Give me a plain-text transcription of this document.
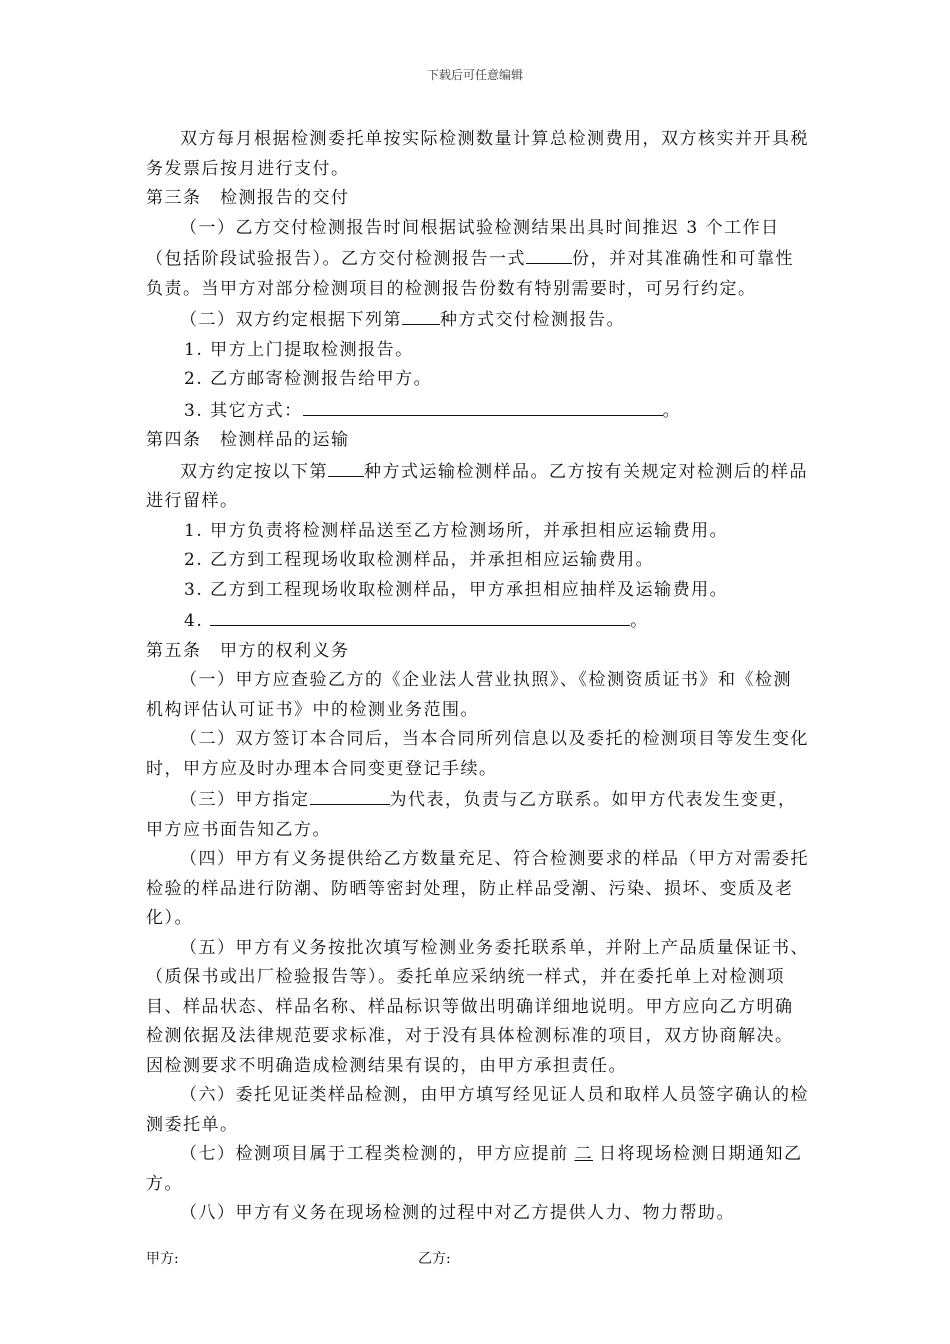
下载后可任意编辑

双方每月根据检测委托单按实际检测数量计算总检测费用，双方核实并开具税务发票后按月进行支付。

第三条　检测报告的交付

（一）乙方交付检测报告时间根据试验检测结果出具时间推迟 3 个工作日（包括阶段试验报告）。乙方交付检测报告一式	份，并对其准确性和可靠性负责。当甲方对部分检测项目的检测报告份数有特别需要时，可另行约定。

（二）双方约定根据下列第 种方式交付检测报告。

1. 甲方上门提取检测报告。

2. 乙方邮寄检测报告给甲方。

3. 其它方式：	。

第四条　检测样品的运输

双方约定按以下第 种方式运输检测样品。乙方按有关规定对检测后的样品进行留样。

1. 甲方负责将检测样品送至乙方检测场所，并承担相应运输费用。

2. 乙方到工程现场收取检测样品，并承担相应运输费用。

3. 乙方到工程现场收取检测样品，甲方承担相应抽样及运输费用。

4.	。

第五条　甲方的权利义务

（一）甲方应查验乙方的《企业法人营业执照》、《检测资质证书》和《检测机构评估认可证书》中的检测业务范围。

（二）双方签订本合同后，当本合同所列信息以及委托的检测项目等发生变化时，甲方应及时办理本合同变更登记手续。

（三）甲方指定	为代表，负责与乙方联系。如甲方代表发生变更，甲方应书面告知乙方。

（四）甲方有义务提供给乙方数量充足、符合检测要求的样品（甲方对需委托检验的样品进行防潮、防晒等密封处理，防止样品受潮、污染、损坏、变质及老化）。

（五）甲方有义务按批次填写检测业务委托联系单，并附上产品质量保证书、（质保书或出厂检验报告等）。委托单应采纳统一样式，并在委托单上对检测项目、样品状态、样品名称、样品标识等做出明确详细地说明。甲方应向乙方明确检测依据及法律规范要求标准，对于没有具体检测标准的项目，双方协商解决。因检测要求不明确造成检测结果有误的，由甲方承担责任。

（六）委托见证类样品检测，由甲方填写经见证人员和取样人员签字确认的检测委托单。

（七）检测项目属于工程类检测的，甲方应提前 二 日将现场检测日期通知乙方。

（八）甲方有义务在现场检测的过程中对乙方提供人力、物力帮助。

甲方:	乙方:
